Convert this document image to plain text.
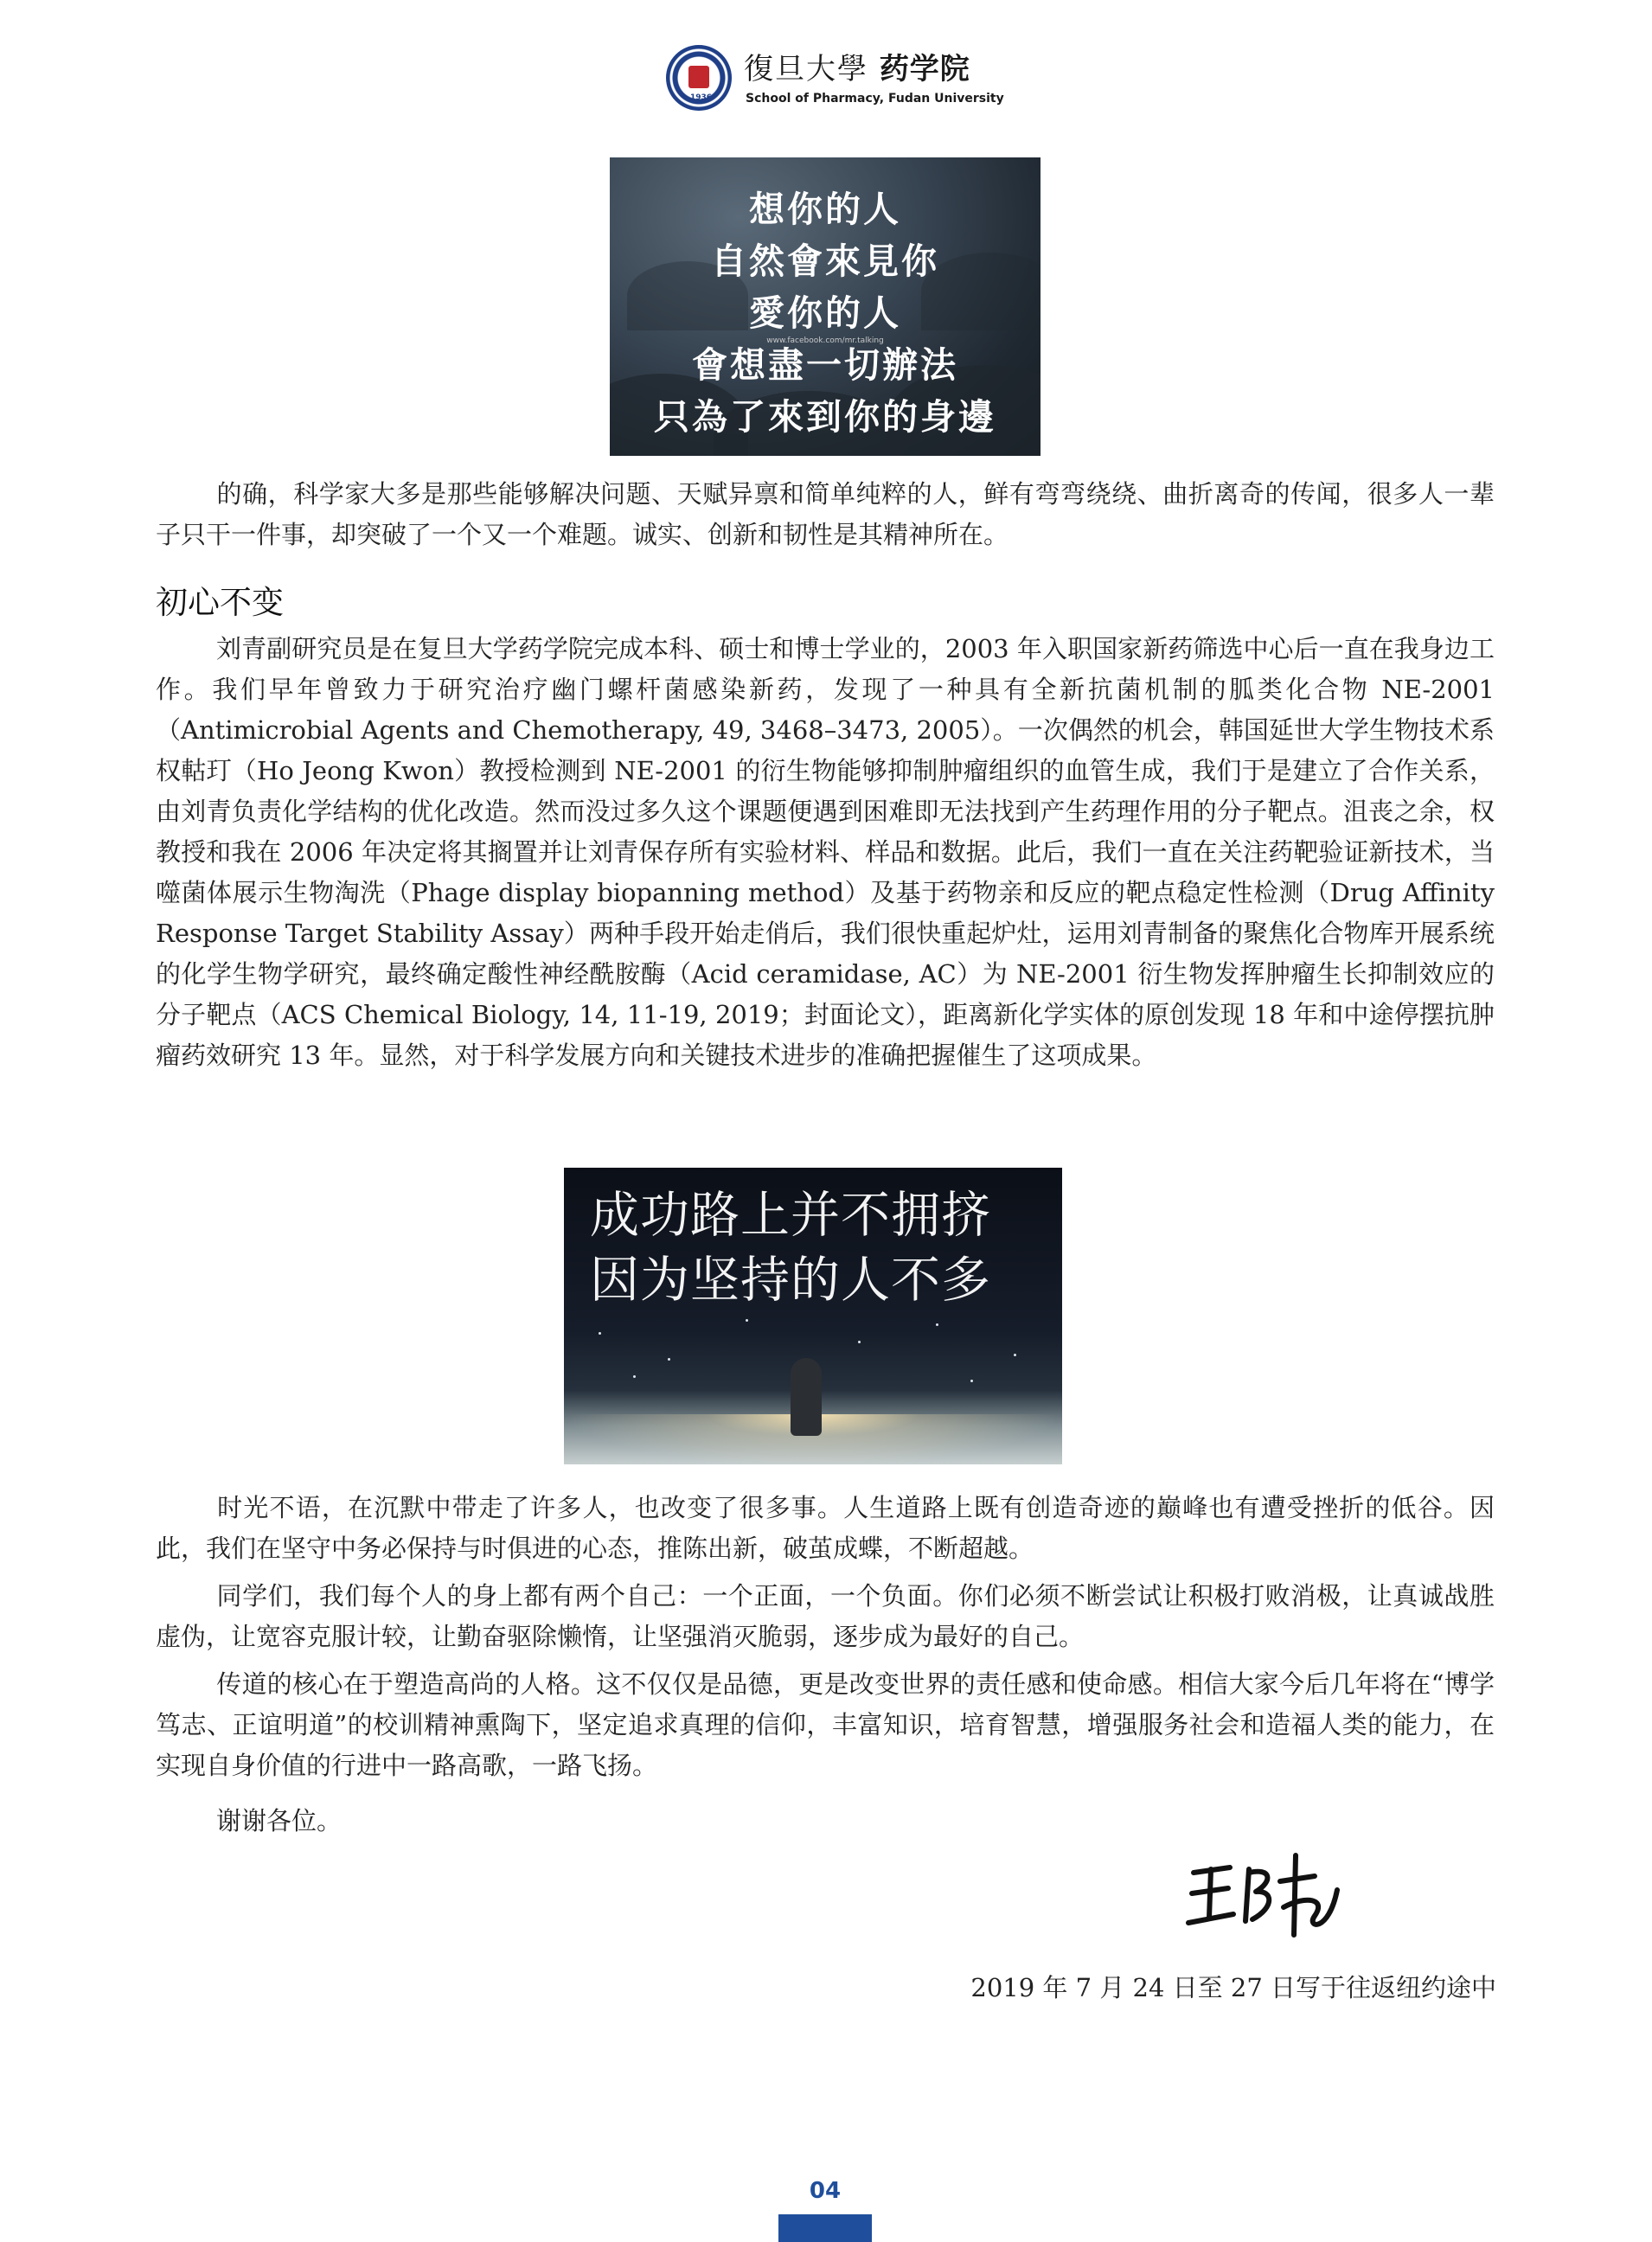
1936
復旦大學 药学院
School of Pharmacy, Fudan University
想你的人
自然會來見你
愛你的人
會想盡一切辦法
只為了來到你的身邊
www.facebook.com/mr.talking
的确，科学家大多是那些能够解决问题、天赋异禀和简单纯粹的人，鲜有弯弯绕绕、曲折离奇的传闻，很多人一辈子只干一件事，却突破了一个又一个难题。诚实、创新和韧性是其精神所在。
初心不变
刘青副研究员是在复旦大学药学院完成本科、硕士和博士学业的，2003 年入职国家新药筛选中心后一直在我身边工作。我们早年曾致力于研究治疗幽门螺杆菌感染新药，发现了一种具有全新抗菌机制的胍类化合物 NE-2001（Antimicrobial Agents and Chemotherapy, 49, 3468–3473, 2005）。一次偶然的机会，韩国延世大学生物技术系权軲玎（Ho Jeong Kwon）教授检测到 NE-2001 的衍生物能够抑制肿瘤组织的血管生成，我们于是建立了合作关系，由刘青负责化学结构的优化改造。然而没过多久这个课题便遇到困难即无法找到产生药理作用的分子靶点。沮丧之余，权教授和我在 2006 年决定将其搁置并让刘青保存所有实验材料、样品和数据。此后，我们一直在关注药靶验证新技术，当噬菌体展示生物淘洗（Phage display biopanning method）及基于药物亲和反应的靶点稳定性检测（Drug Affinity Response Target Stability Assay）两种手段开始走俏后，我们很快重起炉灶，运用刘青制备的聚焦化合物库开展系统的化学生物学研究，最终确定酸性神经酰胺酶（Acid ceramidase, AC）为 NE-2001 衍生物发挥肿瘤生长抑制效应的分子靶点（ACS Chemical Biology, 14, 11-19, 2019；封面论文），距离新化学实体的原创发现 18 年和中途停摆抗肿瘤药效研究 13 年。显然，对于科学发展方向和关键技术进步的准确把握催生了这项成果。
成功路上并不拥挤
因为坚持的人不多
时光不语，在沉默中带走了许多人，也改变了很多事。人生道路上既有创造奇迹的巅峰也有遭受挫折的低谷。因此，我们在坚守中务必保持与时俱进的心态，推陈出新，破茧成蝶，不断超越。
同学们，我们每个人的身上都有两个自己：一个正面，一个负面。你们必须不断尝试让积极打败消极，让真诚战胜虚伪，让宽容克服计较，让勤奋驱除懒惰，让坚强消灭脆弱，逐步成为最好的自己。
传道的核心在于塑造高尚的人格。这不仅仅是品德，更是改变世界的责任感和使命感。相信大家今后几年将在“博学笃志、正谊明道”的校训精神熏陶下，坚定追求真理的信仰，丰富知识，培育智慧，增强服务社会和造福人类的能力，在实现自身价值的行进中一路高歌，一路飞扬。
谢谢各位。
2019 年 7 月 24 日至 27 日写于往返纽约途中
04
